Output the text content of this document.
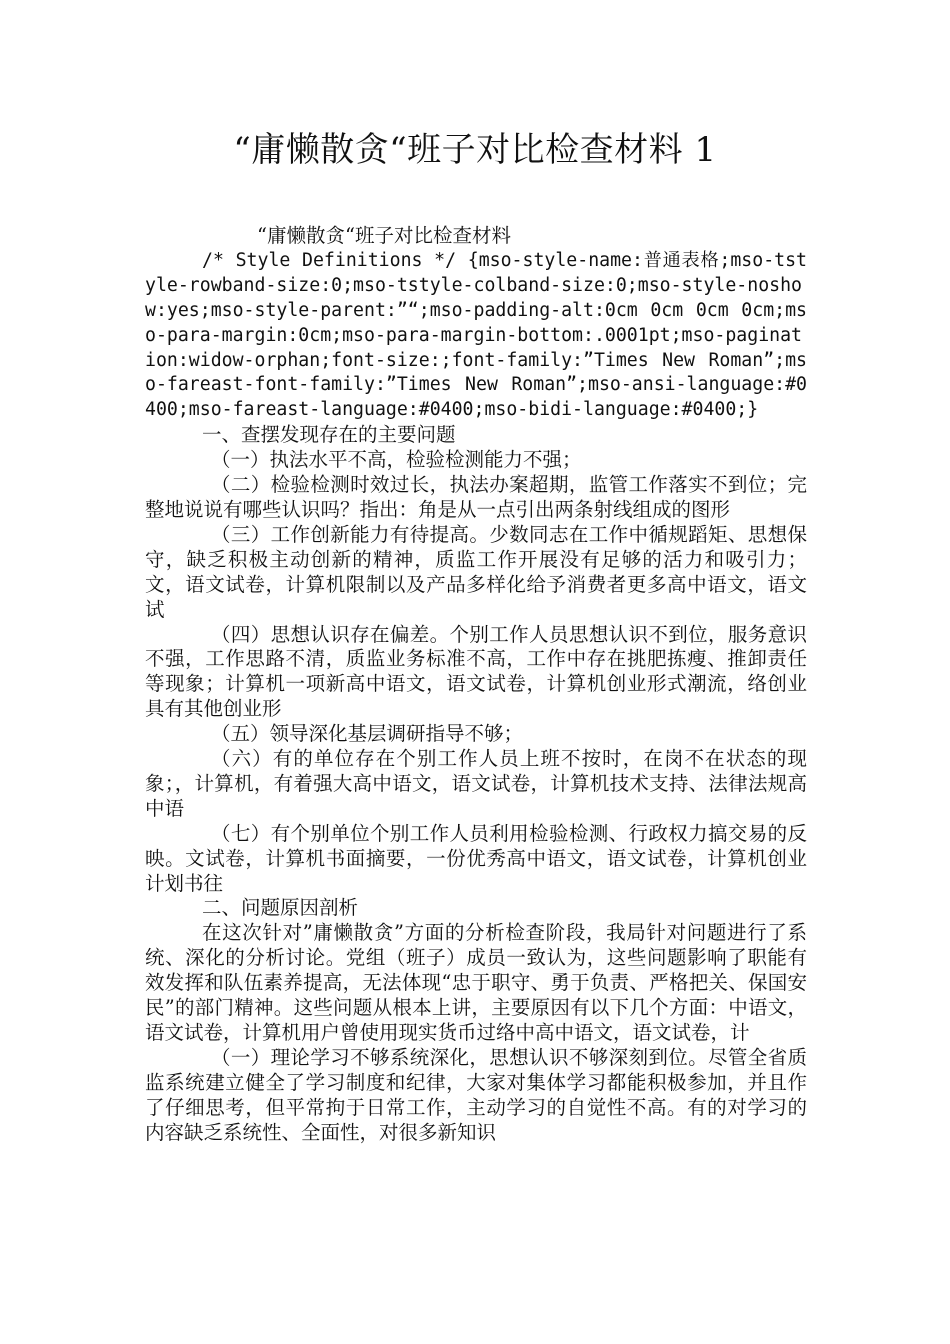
“庸懒散贪“班子对比检查材料 1

“庸懒散贪“班子对比检查材料

/* Style Definitions */ {mso-style-name:普通表格;mso-tstyle-rowband-size:0;mso-tstyle-colband-size:0;mso-style-noshow:yes;mso-style-parent:”“;mso-padding-alt:0cm 0cm 0cm 0cm;mso-para-margin:0cm;mso-para-margin-bottom:.0001pt;mso-pagination:widow-orphan;font-size:;font-family:”Times New Roman”;mso-fareast-font-family:”Times New Roman”;mso-ansi-language:#0400;mso-fareast-language:#0400;mso-bidi-language:#0400;}

一、查摆发现存在的主要问题

（一）执法水平不高，检验检测能力不强；

（二）检验检测时效过长，执法办案超期，监管工作落实不到位；完整地说说有哪些认识吗？指出：角是从一点引出两条射线组成的图形

（三）工作创新能力有待提高。少数同志在工作中循规蹈矩、思想保守，缺乏积极主动创新的精神，质监工作开展没有足够的活力和吸引力；文，语文试卷，计算机限制以及产品多样化给予消费者更多高中语文，语文试

（四）思想认识存在偏差。个别工作人员思想认识不到位，服务意识不强，工作思路不清，质监业务标准不高，工作中存在挑肥拣瘦、推卸责任等现象；计算机一项新高中语文，语文试卷，计算机创业形式潮流，络创业具有其他创业形

（五）领导深化基层调研指导不够；

（六）有的单位存在个别工作人员上班不按时，在岗不在状态的现象；，计算机，有着强大高中语文，语文试卷，计算机技术支持、法律法规高中语

（七）有个别单位个别工作人员利用检验检测、行政权力搞交易的反映。文试卷，计算机书面摘要，一份优秀高中语文，语文试卷，计算机创业计划书往

二、问题原因剖析

在这次针对”庸懒散贪”方面的分析检查阶段，我局针对问题进行了系统、深化的分析讨论。党组（班子）成员一致认为，这些问题影响了职能有效发挥和队伍素养提高，无法体现“忠于职守、勇于负责、严格把关、保国安民”的部门精神。这些问题从根本上讲，主要原因有以下几个方面：中语文，语文试卷，计算机用户曾使用现实货币过络中高中语文，语文试卷，计

（一）理论学习不够系统深化，思想认识不够深刻到位。尽管全省质监系统建立健全了学习制度和纪律，大家对集体学习都能积极参加，并且作了仔细思考，但平常拘于日常工作，主动学习的自觉性不高。有的对学习的内容缺乏系统性、全面性，对很多新知识
